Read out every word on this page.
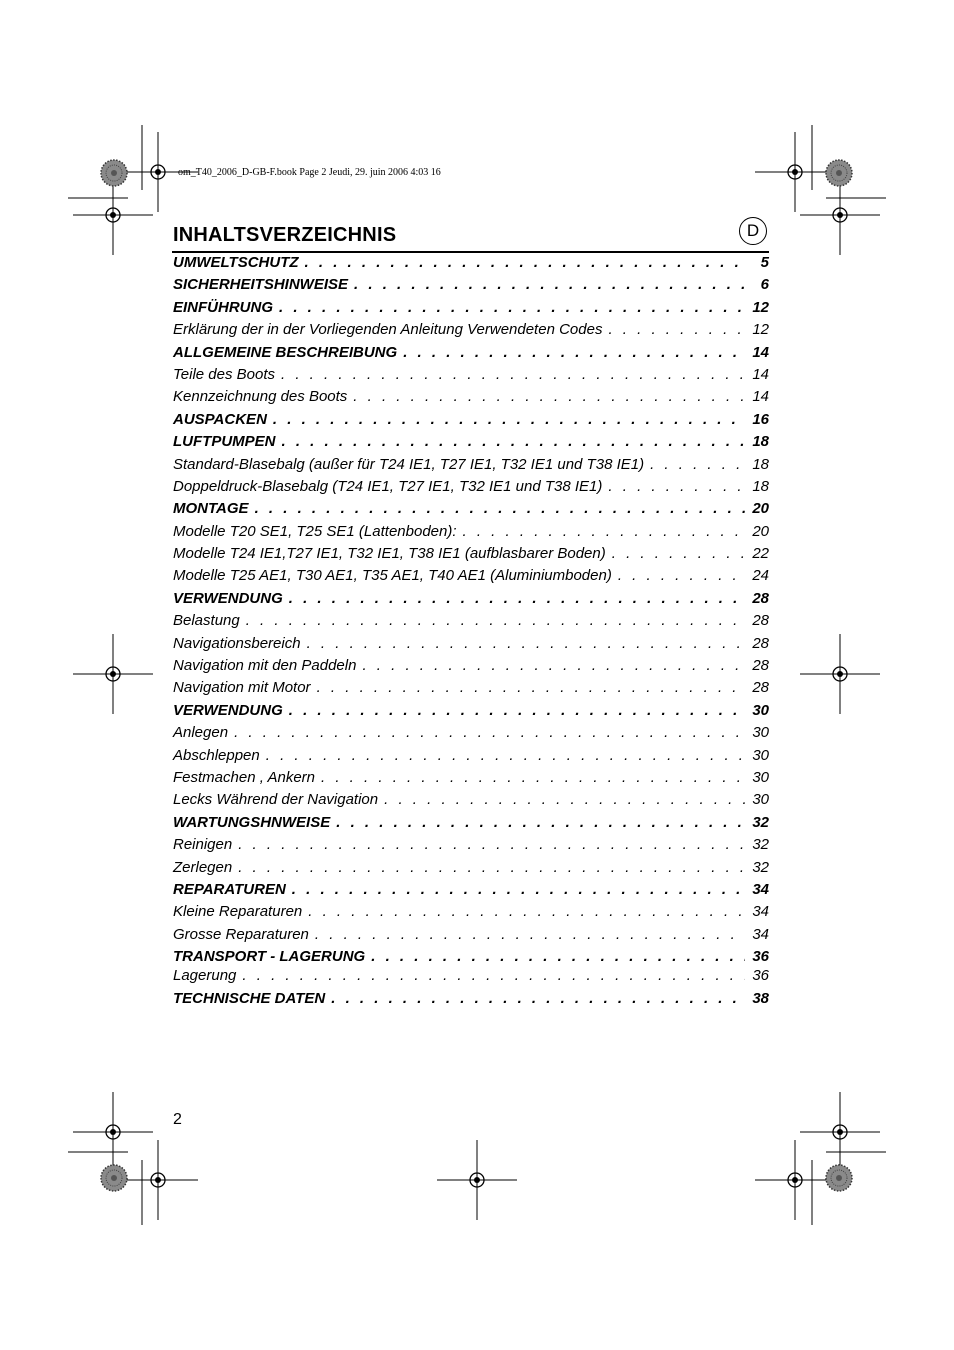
om_T40_2006_D-GB-F.book Page 2 Jeudi, 29. juin 2006 4:03 16
INHALTSVERZEICHNIS	D
UMWELTSCHUTZ . . .	5
SICHERHEITSHINWEISE . . .	6
EINFÜHRUNG . . .	12
Erklärung der in der Vorliegenden Anleitung Verwendeten Codes . . .	12
ALLGEMEINE BESCHREIBUNG . . .	14
Teile des Boots . . .	14
Kennzeichnung des Boots . . .	14
AUSPACKEN . . .	16
LUFTPUMPEN . . .	18
Standard-Blasebalg (außer für T24 IE1, T27 IE1, T32 IE1 und T38 IE1) . . .	18
Doppeldruck-Blasebalg (T24 IE1, T27 IE1, T32 IE1 und T38 IE1) . . .	18
MONTAGE . . .	20
Modelle T20 SE1, T25 SE1 (Lattenboden): . . .	20
Modelle T24 IE1,T27 IE1, T32 IE1, T38 IE1 (aufblasbarer Boden) . . .	22
Modelle T25 AE1, T30 AE1, T35 AE1, T40 AE1 (Aluminiumboden) . . .	24
VERWENDUNG . . .	28
Belastung . . .	28
Navigationsbereich . . .	28
Navigation mit den Paddeln . . .	28
Navigation mit Motor . . .	28
VERWENDUNG . . .	30
Anlegen . . .	30
Abschleppen . . .	30
Festmachen , Ankern . . .	30
Lecks Während der Navigation . . .	30
WARTUNGSHNWEISE . . .	32
Reinigen . . .	32
Zerlegen . . .	32
REPARATUREN . . .	34
Kleine Reparaturen . . .	34
Grosse Reparaturen . . .	34
TRANSPORT - LAGERUNG . . .	36
Lagerung . . .	36
TECHNISCHE DATEN . . .	38
2
